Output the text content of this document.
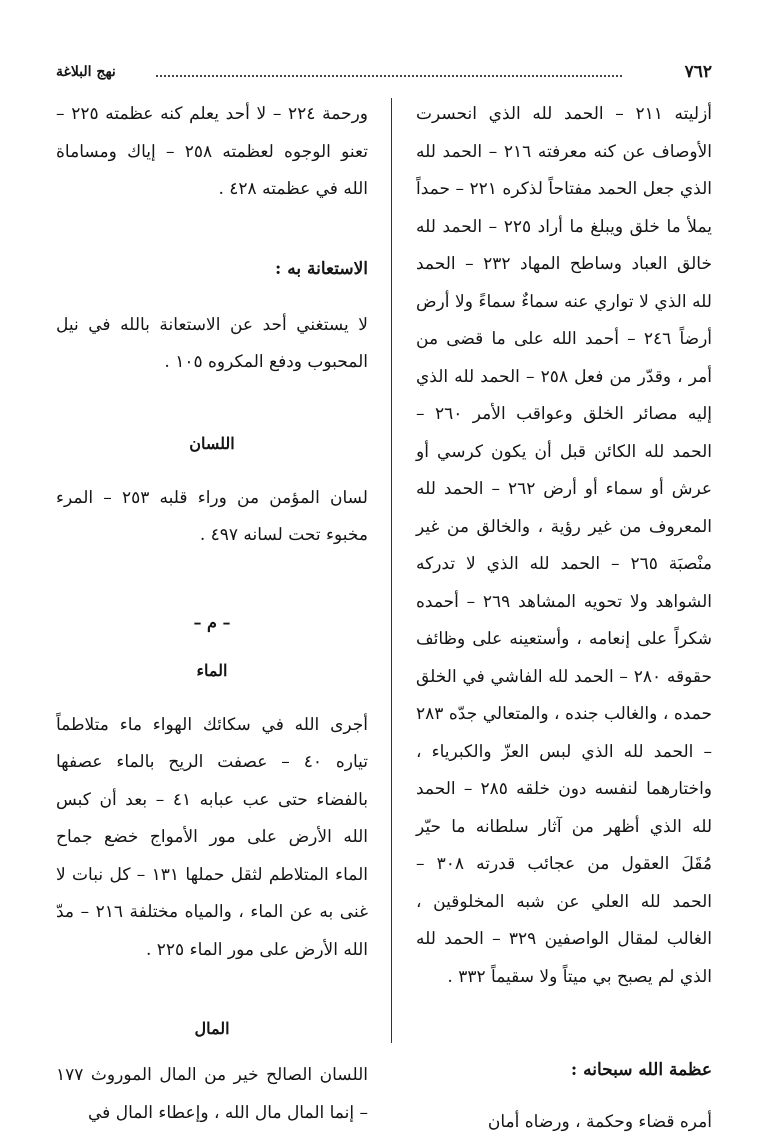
نهج البلاغة	٧٦٢

أزليته ٢١١ – الحمد لله الذي انحسرت الأوصاف عن كنه معرفته ٢١٦ – الحمد لله الذي جعل الحمد مفتاحاً لذكره ٢٢١ – حمداً يملأ ما خلق ويبلغ ما أراد ٢٢٥ – الحمد لله خالق العباد وساطح المهاد ٢٣٢ – الحمد لله الذي لا تواري عنه سماءٌ سماءً ولا أرض أرضاً ٢٤٦ – أحمد الله على ما قضى من أمر ، وقدّر من فعل ٢٥٨ – الحمد لله الذي إليه مصائر الخلق وعواقب الأمر ٢٦٠ – الحمد لله الكائن قبل أن يكون كرسي أو عرش أو سماء أو أرض ٢٦٢ – الحمد لله المعروف من غير رؤية ، والخالق من غير منْصبَة ٢٦٥ – الحمد لله الذي لا تدركه الشواهد ولا تحويه المشاهد ٢٦٩ – أحمده شكراً على إنعامه ، وأستعينه على وظائف حقوقه ٢٨٠ – الحمد لله الفاشي في الخلق حمده ، والغالب جنده ، والمتعالي جدّه ٢٨٣ – الحمد لله الذي لبس العزّ والكبرياء ، واختارهما لنفسه دون خلقه ٢٨٥ – الحمد لله الذي أظهر من آثار سلطانه ما حيّر مُقَلَ العقول من عجائب قدرته ٣٠٨ – الحمد لله العلي عن شبه المخلوقين ، الغالب لمقال الواصفين ٣٢٩ – الحمد لله الذي لم يصبح بي ميتاً ولا سقيماً ٣٣٢ .

عظمة الله سبحانه :

أمره قضاء وحكمة ، ورضاه أمان

ورحمة ٢٢٤ – لا أحد يعلم كنه عظمته ٢٢٥ – تعنو الوجوه لعظمته ٢٥٨ – إياك ومساماة الله في عظمته ٤٢٨ .

الاستعانة به :

لا يستغني أحد عن الاستعانة بالله في نيل المحبوب ودفع المكروه ١٠٥ .

اللسان

لسان المؤمن من وراء قلبه ٢٥٣ – المرء مخبوء تحت لسانه ٤٩٧ .

– م –

الماء

أجرى الله في سكائك الهواء ماء متلاطماً تياره ٤٠ – عصفت الريح بالماء عصفها بالفضاء حتى عب عبابه ٤١ – بعد أن كبس الله الأرض على مور الأمواج خضع جماح الماء المتلاطم لثقل حملها ١٣١ – كل نبات لا غنى به عن الماء ، والمياه مختلفة ٢١٦ – مدّ الله الأرض على مور الماء ٢٢٥ .

المال

اللسان الصالح خير من المال الموروث ١٧٧ – إنما المال مال الله ، وإعطاء المال في
